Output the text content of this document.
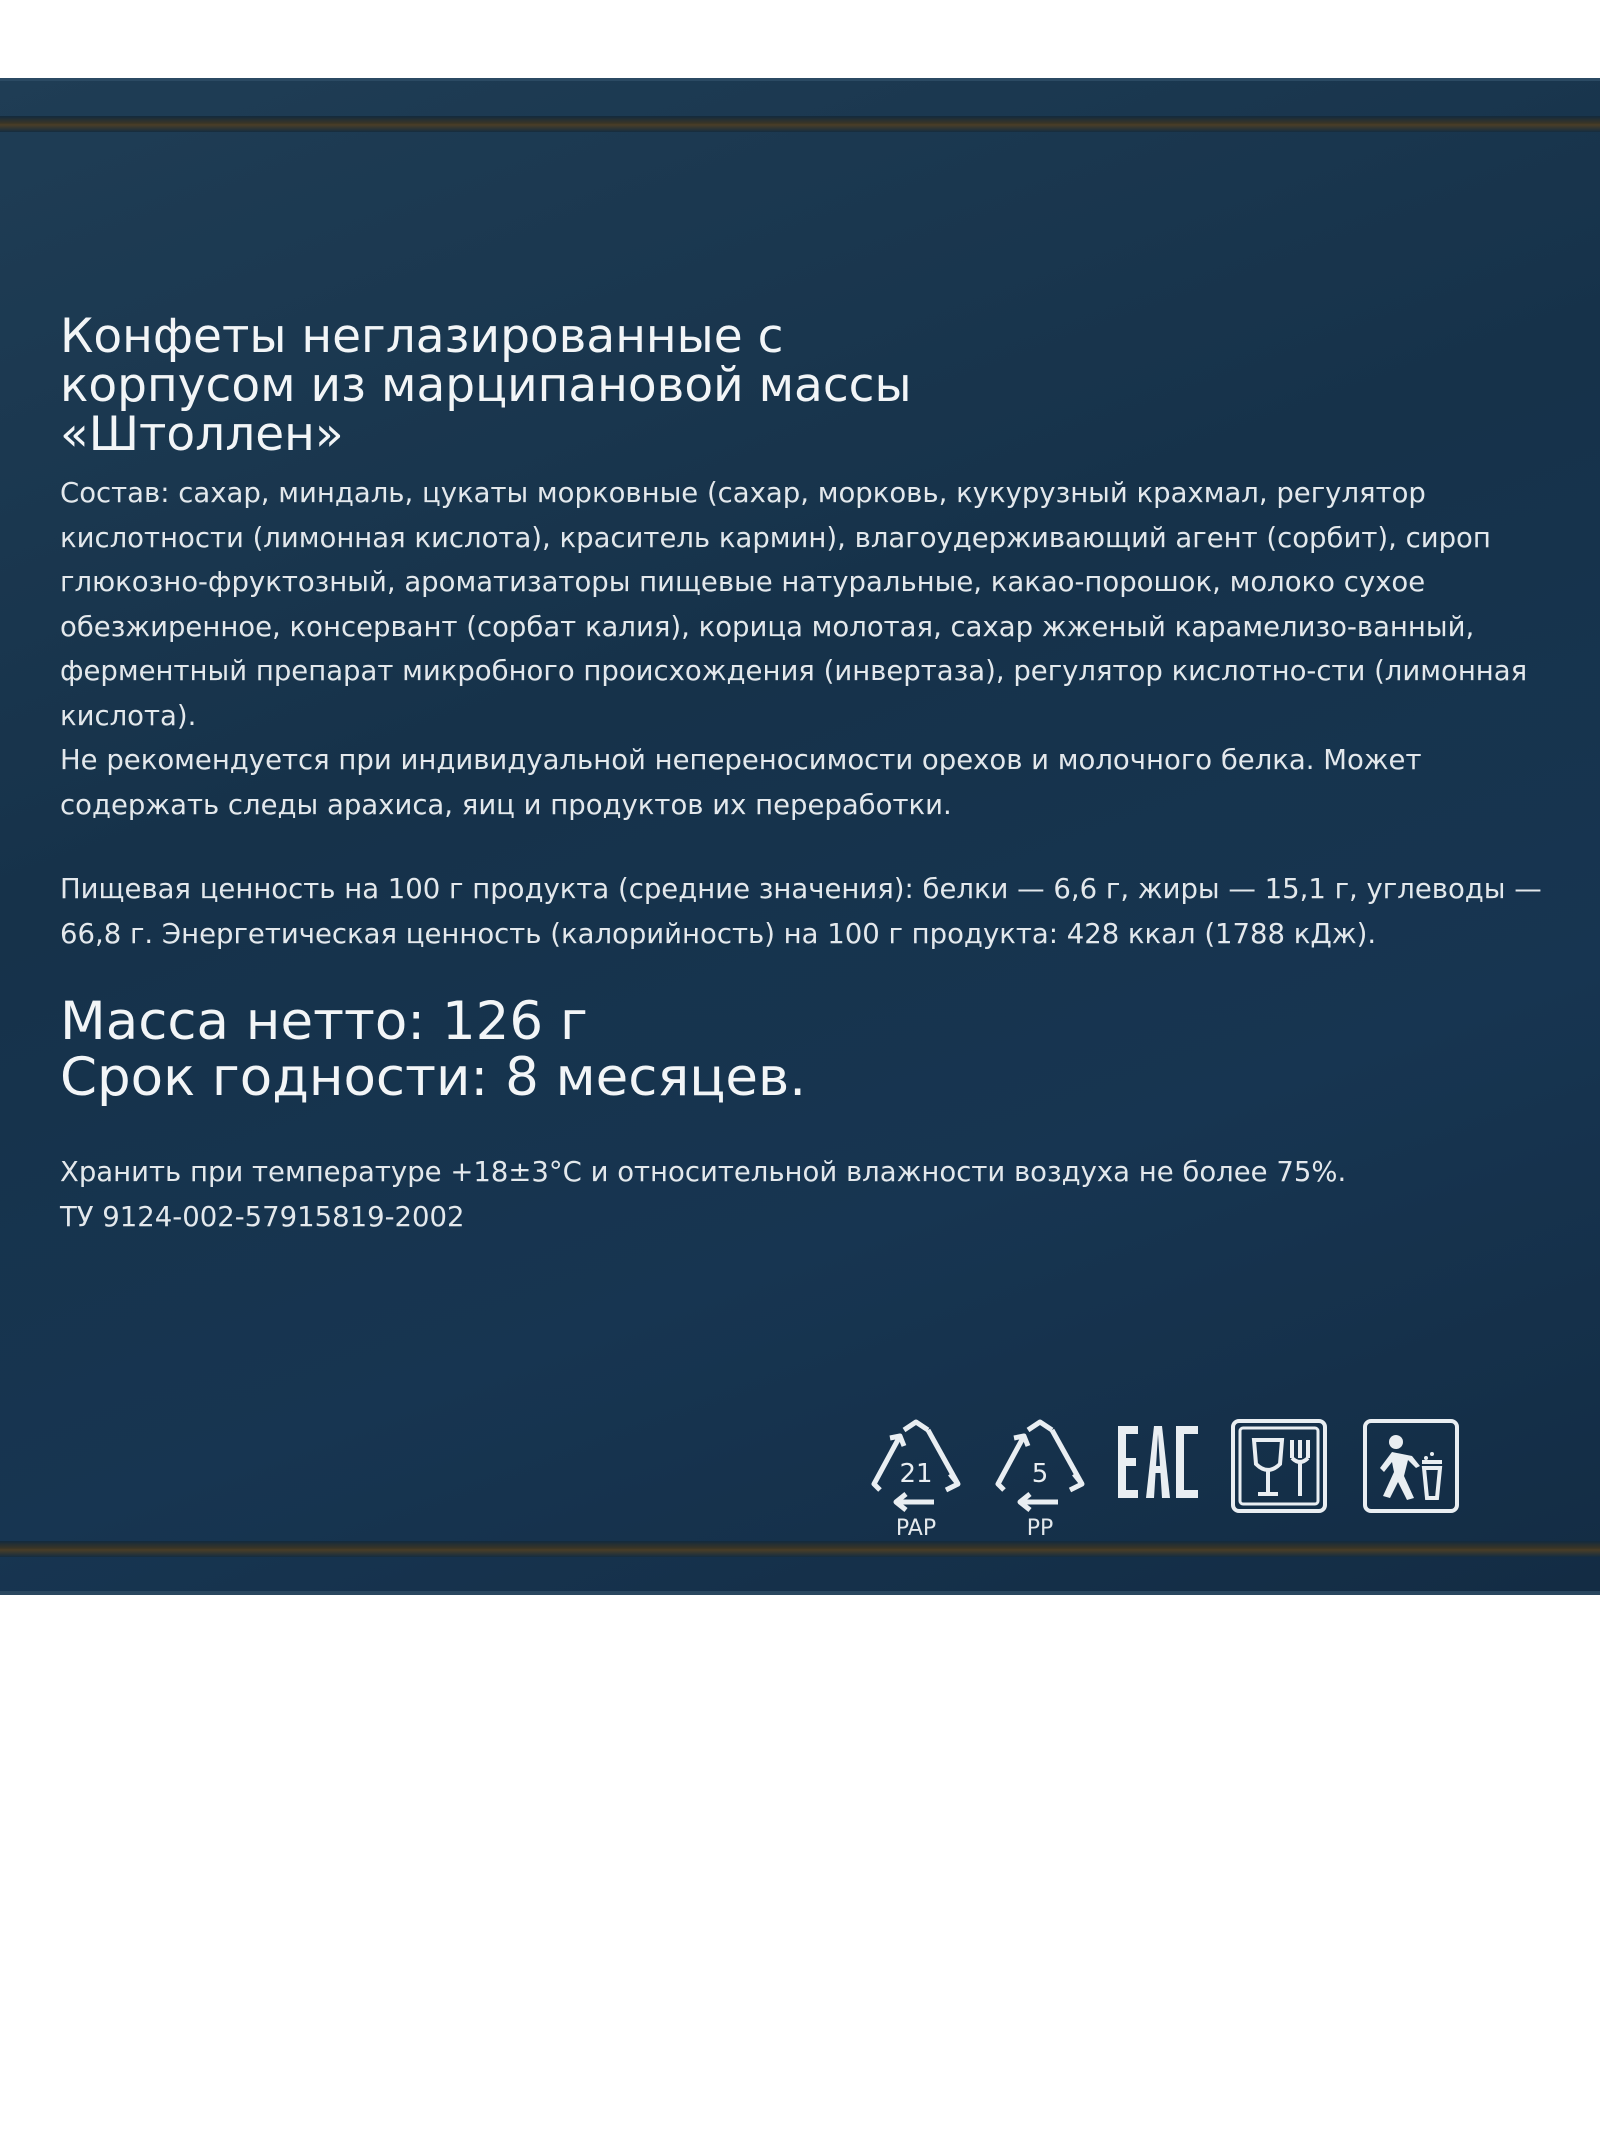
Конфеты неглазированные с корпусом из марципановой массы «Штоллен»

Состав: сахар, миндаль, цукаты морковные (сахар, морковь, кукурузный крахмал, регулятор кислотности (лимонная кислота), краситель кармин), влагоудерживающий агент (сорбит), сироп глюкозно-фруктозный, ароматизаторы пищевые натуральные, какао-порошок, молоко сухое обезжиренное, консервант (сорбат калия), корица молотая, сахар жженый карамелизо-ванный, ферментный препарат микробного происхождения (инвертаза), регулятор кислотно-сти (лимонная кислота).

Не рекомендуется при индивидуальной непереносимости орехов и молочного белка. Может содержать следы арахиса, яиц и продуктов их переработки.

Пищевая ценность на 100 г продукта (средние значения): белки — 6,6 г, жиры — 15,1 г, углеводы — 66,8 г. Энергетическая ценность (калорийность) на 100 г продукта: 428 ккал (1788 кДж).

Масса нетто: 126 г
Срок годности: 8 месяцев.

Хранить при температуре +18±3°C и относительной влажности воздуха не более 75%.

ТУ 9124-002-57915819-2002

21
PAP
5
PP
